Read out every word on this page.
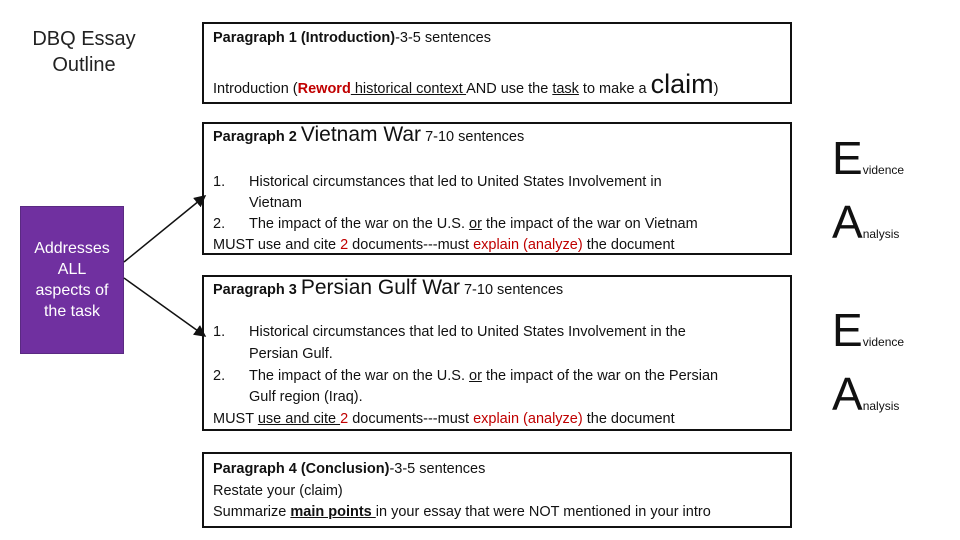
DBQ Essay Outline
Addresses
ALL
aspects of
the task
Paragraph 1 (Introduction)-3-5 sentences
Introduction (Reword historical context AND use the task to make a claim)
Paragraph 2 Vietnam War 7-10 sentences
1. Historical circumstances that led to United States Involvement in
Vietnam
2. The impact of the war on the U.S. or the impact of the war on Vietnam
MUST use and cite 2 documents---must explain (analyze) the document
Paragraph 3 Persian Gulf War 7-10 sentences
1. Historical circumstances that led to United States Involvement in the
Persian Gulf.
2. The impact of the war on the U.S. or the impact of the war on the Persian
Gulf region (Iraq).
MUST use and cite 2 documents---must explain (analyze) the document
Paragraph 4 (Conclusion)-3-5 sentences
Restate your (claim)
Summarize main points in your essay that were NOT mentioned in your intro
Evidence
Analysis
Evidence
Analysis
